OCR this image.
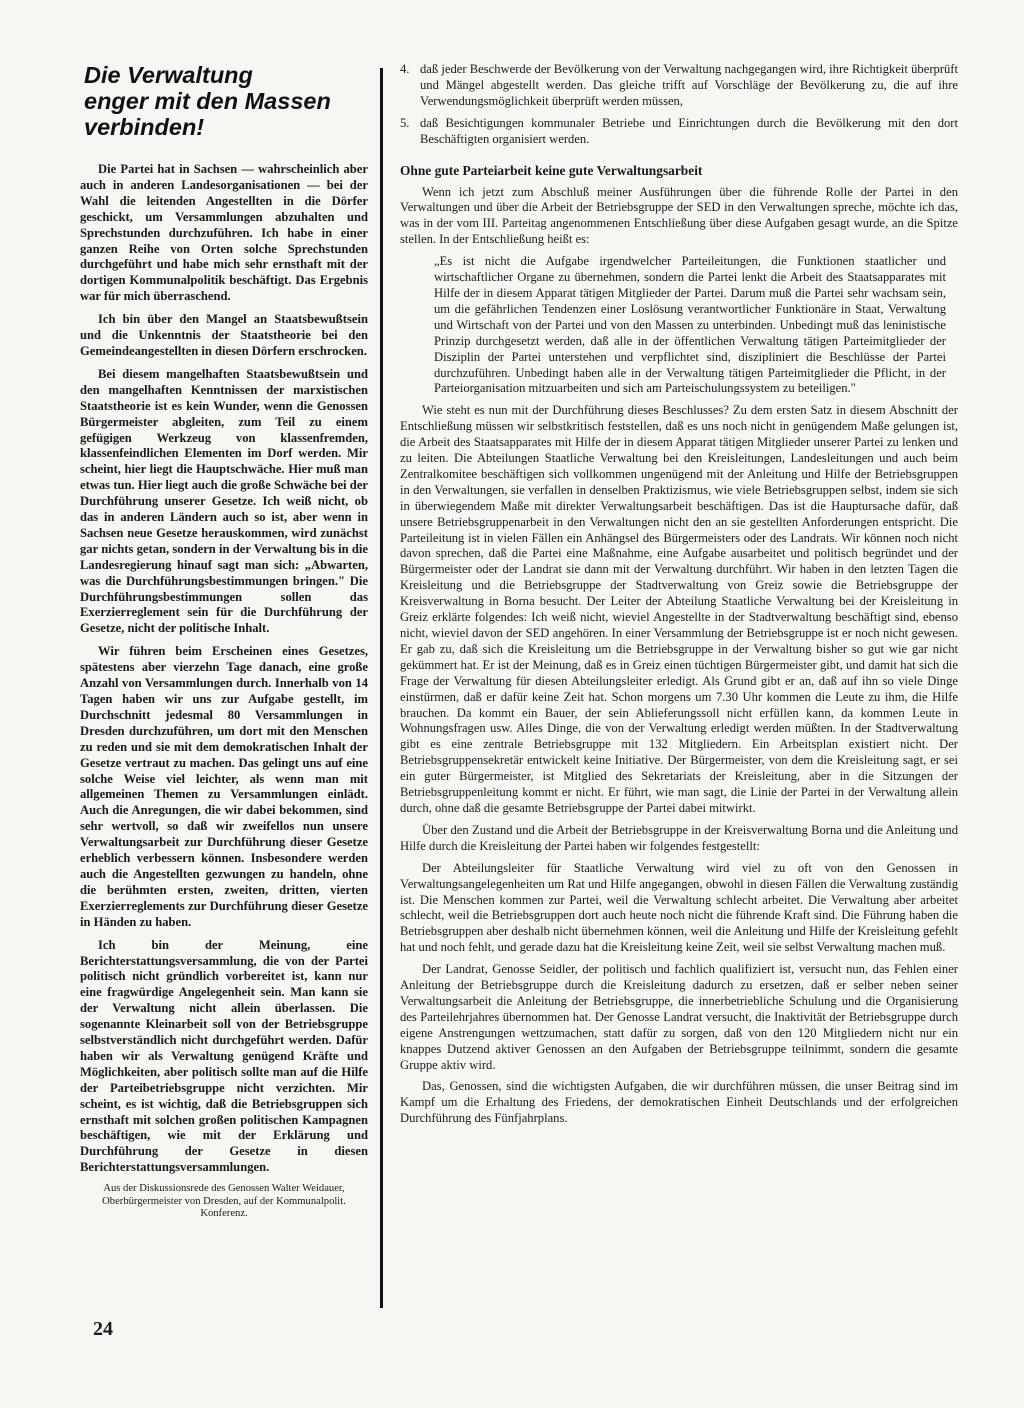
Die Verwaltung
enger mit den Massen
verbinden!

Die Partei hat in Sachsen — wahrscheinlich aber auch in anderen Landesorganisationen — bei der Wahl die leitenden Angestellten in die Dörfer geschickt, um Versammlungen abzuhalten und Sprechstunden durchzuführen. Ich habe in einer ganzen Reihe von Orten solche Sprechstunden durchgeführt und habe mich sehr ernsthaft mit der dortigen Kommunalpolitik beschäftigt. Das Ergebnis war für mich überraschend.

Ich bin über den Mangel an Staatsbewußtsein und die Unkenntnis der Staatstheorie bei den Gemeindeangestellten in diesen Dörfern erschrocken.

Bei diesem mangelhaften Staatsbewußtsein und den mangelhaften Kenntnissen der marxistischen Staatstheorie ist es kein Wunder, wenn die Genossen Bürgermeister abgleiten, zum Teil zu einem gefügigen Werkzeug von klassenfremden, klassenfeindlichen Elementen im Dorf werden. Mir scheint, hier liegt die Hauptschwäche. Hier muß man etwas tun. Hier liegt auch die große Schwäche bei der Durchführung unserer Gesetze. Ich weiß nicht, ob das in anderen Ländern auch so ist, aber wenn in Sachsen neue Gesetze herauskommen, wird zunächst gar nichts getan, sondern in der Verwaltung bis in die Landesregierung hinauf sagt man sich: „Abwarten, was die Durchführungsbestimmungen bringen." Die Durchführungsbestimmungen sollen das Exerzierreglement sein für die Durchführung der Gesetze, nicht der politische Inhalt.

Wir führen beim Erscheinen eines Gesetzes, spätestens aber vierzehn Tage danach, eine große Anzahl von Versammlungen durch. Innerhalb von 14 Tagen haben wir uns zur Aufgabe gestellt, im Durchschnitt jedesmal 80 Versammlungen in Dresden durchzuführen, um dort mit den Menschen zu reden und sie mit dem demokratischen Inhalt der Gesetze vertraut zu machen. Das gelingt uns auf eine solche Weise viel leichter, als wenn man mit allgemeinen Themen zu Versammlungen einlädt. Auch die Anregungen, die wir dabei bekommen, sind sehr wertvoll, so daß wir zweifellos nun unsere Verwaltungsarbeit zur Durchführung dieser Gesetze erheblich verbessern können. Insbesondere werden auch die Angestellten gezwungen zu handeln, ohne die berühmten ersten, zweiten, dritten, vierten Exerzierreglements zur Durchführung dieser Gesetze in Händen zu haben.

Ich bin der Meinung, eine Berichterstattungsversammlung, die von der Partei politisch nicht gründlich vorbereitet ist, kann nur eine fragwürdige Angelegenheit sein. Man kann sie der Verwaltung nicht allein überlassen. Die sogenannte Kleinarbeit soll von der Betriebsgruppe selbstverständlich nicht durchgeführt werden. Dafür haben wir als Verwaltung genügend Kräfte und Möglichkeiten, aber politisch sollte man auf die Hilfe der Parteibetriebsgruppe nicht verzichten. Mir scheint, es ist wichtig, daß die Betriebsgruppen sich ernsthaft mit solchen großen politischen Kampagnen beschäftigen, wie mit der Erklärung und Durchführung der Gesetze in diesen Berichterstattungsversammlungen.

Aus der Diskussionsrede des Genossen Walter Weidauer, Oberbürgermeister von Dresden, auf der Kommunalpolit. Konferenz.
4. daß jeder Beschwerde der Bevölkerung von der Verwaltung nachgegangen wird, ihre Richtigkeit überprüft und Mängel abgestellt werden. Das gleiche trifft auf Vorschläge der Bevölkerung zu, die auf ihre Verwendungsmöglichkeit überprüft werden müssen,
5. daß Besichtigungen kommunaler Betriebe und Einrichtungen durch die Bevölkerung mit den dort Beschäftigten organisiert werden.
Ohne gute Parteiarbeit keine gute Verwaltungsarbeit

Wenn ich jetzt zum Abschluß meiner Ausführungen über die führende Rolle der Partei in den Verwaltungen und über die Arbeit der Betriebsgruppe der SED in den Verwaltungen spreche, möchte ich das, was in der vom III. Parteitag angenommenen Entschließung über diese Aufgaben gesagt wurde, an die Spitze stellen. In der Entschließung heißt es:

„Es ist nicht die Aufgabe irgendwelcher Parteileitungen, die Funktionen staatlicher und wirtschaftlicher Organe zu übernehmen, sondern die Partei lenkt die Arbeit des Staatsapparates mit Hilfe der in diesem Apparat tätigen Mitglieder der Partei. Darum muß die Partei sehr wachsam sein, um die gefährlichen Tendenzen einer Loslösung verantwortlicher Funktionäre in Staat, Verwaltung und Wirtschaft von der Partei und von den Massen zu unterbinden. Unbedingt muß das leninistische Prinzip durchgesetzt werden, daß alle in der öffentlichen Verwaltung tätigen Parteimitglieder der Disziplin der Partei unterstehen und verpflichtet sind, diszipliniert die Beschlüsse der Partei durchzuführen. Unbedingt haben alle in der Verwaltung tätigen Parteimitglieder die Pflicht, in der Parteiorganisation mitzuarbeiten und sich am Parteischulungssystem zu beteiligen."

Wie steht es nun mit der Durchführung dieses Beschlusses? Zu dem ersten Satz in diesem Abschnitt der Entschließung müssen wir selbstkritisch feststellen, daß es uns noch nicht in genügendem Maße gelungen ist, die Arbeit des Staatsapparates mit Hilfe der in diesem Apparat tätigen Mitglieder unserer Partei zu lenken und zu leiten. Die Abteilungen Staatliche Verwaltung bei den Kreisleitungen, Landesleitungen und auch beim Zentralkomitee beschäftigen sich vollkommen ungenügend mit der Anleitung und Hilfe der Betriebsgruppen in den Verwaltungen, sie verfallen in denselben Praktizismus, wie viele Betriebsgruppen selbst, indem sie sich in überwiegendem Maße mit direkter Verwaltungsarbeit beschäftigen. Das ist die Hauptursache dafür, daß unsere Betriebsgruppenarbeit in den Verwaltungen nicht den an sie gestellten Anforderungen entspricht. Die Parteileitung ist in vielen Fällen ein Anhängsel des Bürgermeisters oder des Landrats. Wir können noch nicht davon sprechen, daß die Partei eine Maßnahme, eine Aufgabe ausarbeitet und politisch begründet und der Bürgermeister oder der Landrat sie dann mit der Verwaltung durchführt. Wir haben in den letzten Tagen die Kreisleitung und die Betriebsgruppe der Stadtverwaltung von Greiz sowie die Betriebsgruppe der Kreisverwaltung in Borna besucht. Der Leiter der Abteilung Staatliche Verwaltung bei der Kreisleitung in Greiz erklärte folgendes: Ich weiß nicht, wieviel Angestellte in der Stadtverwaltung beschäftigt sind, ebenso nicht, wieviel davon der SED angehören. In einer Versammlung der Betriebsgruppe ist er noch nicht gewesen. Er gab zu, daß sich die Kreisleitung um die Betriebsgruppe in der Verwaltung bisher so gut wie gar nicht gekümmert hat. Er ist der Meinung, daß es in Greiz einen tüchtigen Bürgermeister gibt, und damit hat sich die Frage der Verwaltung für diesen Abteilungsleiter erledigt. Als Grund gibt er an, daß auf ihn so viele Dinge einstürmen, daß er dafür keine Zeit hat. Schon morgens um 7.30 Uhr kommen die Leute zu ihm, die Hilfe brauchen. Da kommt ein Bauer, der sein Ablieferungssoll nicht erfüllen kann, da kommen Leute in Wohnungsfragen usw. Alles Dinge, die von der Verwaltung erledigt werden müßten. In der Stadtverwaltung gibt es eine zentrale Betriebsgruppe mit 132 Mitgliedern. Ein Arbeitsplan existiert nicht. Der Betriebsgruppensekretär entwickelt keine Initiative. Der Bürgermeister, von dem die Kreisleitung sagt, er sei ein guter Bürgermeister, ist Mitglied des Sekretariats der Kreisleitung, aber in die Sitzungen der Betriebsgruppenleitung kommt er nicht. Er führt, wie man sagt, die Linie der Partei in der Verwaltung allein durch, ohne daß die gesamte Betriebsgruppe der Partei dabei mitwirkt.

Über den Zustand und die Arbeit der Betriebsgruppe in der Kreisverwaltung Borna und die Anleitung und Hilfe durch die Kreisleitung der Partei haben wir folgendes festgestellt:

Der Abteilungsleiter für Staatliche Verwaltung wird viel zu oft von den Genossen in Verwaltungsangelegenheiten um Rat und Hilfe angegangen, obwohl in diesen Fällen die Verwaltung zuständig ist. Die Menschen kommen zur Partei, weil die Verwaltung schlecht arbeitet. Die Verwaltung aber arbeitet schlecht, weil die Betriebsgruppen dort auch heute noch nicht die führende Kraft sind. Die Führung haben die Betriebsgruppen aber deshalb nicht übernehmen können, weil die Anleitung und Hilfe der Kreisleitung gefehlt hat und noch fehlt, und gerade dazu hat die Kreisleitung keine Zeit, weil sie selbst Verwaltung machen muß.

Der Landrat, Genosse Seidler, der politisch und fachlich qualifiziert ist, versucht nun, das Fehlen einer Anleitung der Betriebsgruppe durch die Kreisleitung dadurch zu ersetzen, daß er selber neben seiner Verwaltungsarbeit die Anleitung der Betriebsgruppe, die innerbetriebliche Schulung und die Organisierung des Parteilehrjahres übernommen hat. Der Genosse Landrat versucht, die Inaktivität der Betriebsgruppe durch eigene Anstrengungen wettzumachen, statt dafür zu sorgen, daß von den 120 Mitgliedern nicht nur ein knappes Dutzend aktiver Genossen an den Aufgaben der Betriebsgruppe teilnimmt, sondern die gesamte Gruppe aktiv wird.

Das, Genossen, sind die wichtigsten Aufgaben, die wir durchführen müssen, die unser Beitrag sind im Kampf um die Erhaltung des Friedens, der demokratischen Einheit Deutschlands und der erfolgreichen Durchführung des Fünfjahrplans.

24
